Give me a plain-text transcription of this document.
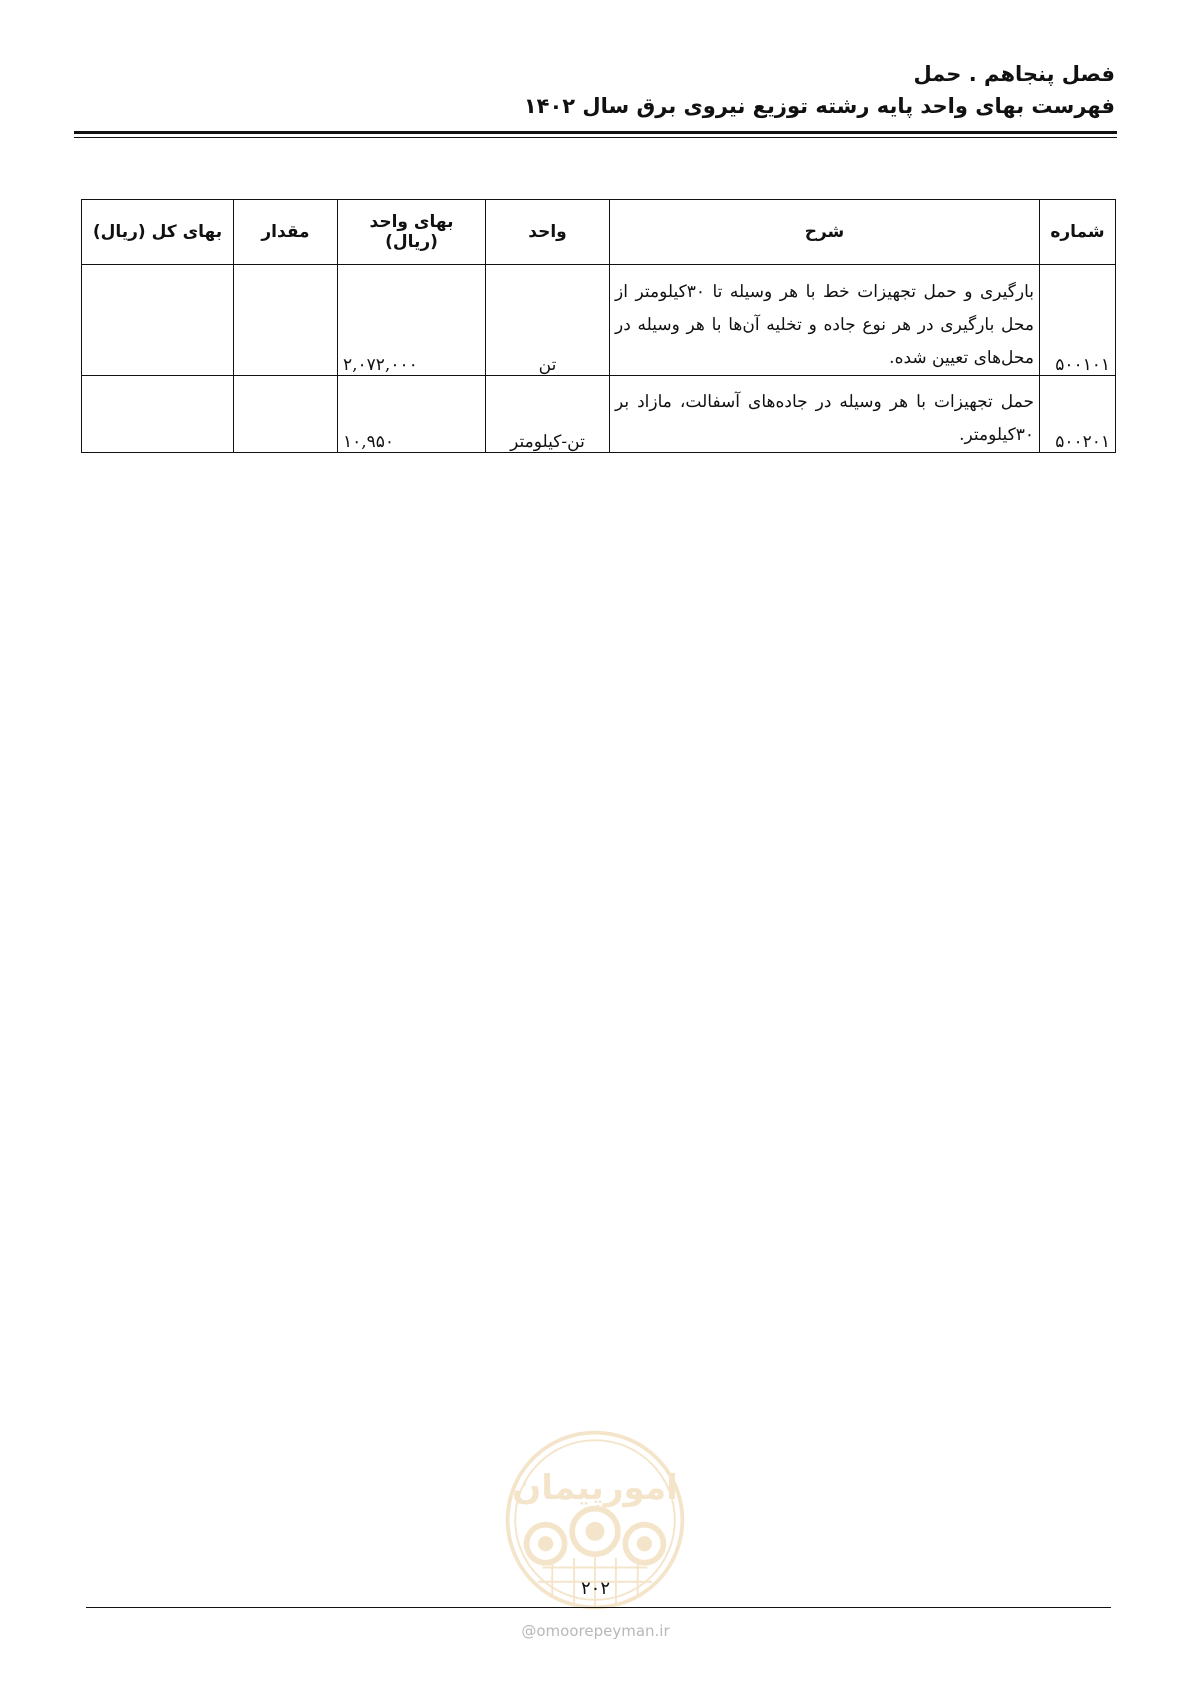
فصل پنجاهم . حمل
فهرست بهای واحد پایه رشته توزیع نیروی برق سال ۱۴۰۲
شماره	شرح	واحد	بهای واحد (ریال)	مقدار	بهای کل (ریال)
۵۰۰۱۰۱	بارگیری و حمل تجهیزات خط با هر وسیله تا ۳۰کیلومتر از محل بارگیری در هر نوع جاده و تخلیه آن‌ها با هر وسیله در محل‌های تعیین شده.	تن	۲,۰۷۲,۰۰۰		
۵۰۰۲۰۱	حمل تجهیزات با هر وسیله در جاده‌های آسفالت، مازاد بر ۳۰کیلومتر.	تن-کیلومتر	۱۰,۹۵۰		
امورپیمان
۲۰۲
@omoorepeyman.ir
